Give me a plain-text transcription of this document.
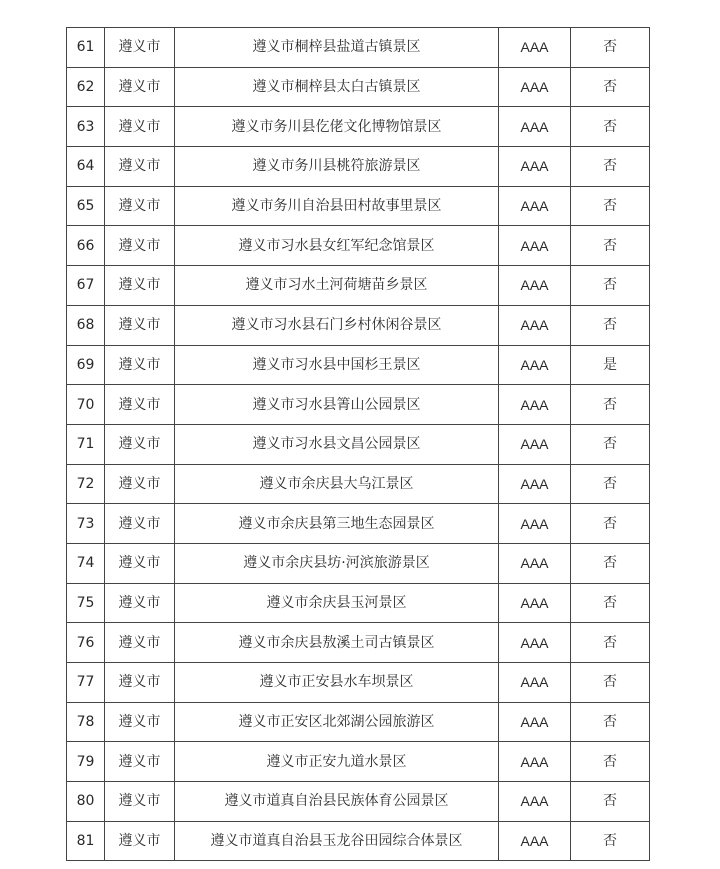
61	遵义市	遵义市桐梓县盐道古镇景区	AAA	否
62	遵义市	遵义市桐梓县太白古镇景区	AAA	否
63	遵义市	遵义市务川县仡佬文化博物馆景区	AAA	否
64	遵义市	遵义市务川县桃符旅游景区	AAA	否
65	遵义市	遵义市务川自治县田村故事里景区	AAA	否
66	遵义市	遵义市习水县女红军纪念馆景区	AAA	否
67	遵义市	遵义市习水土河荷塘苗乡景区	AAA	否
68	遵义市	遵义市习水县石门乡村休闲谷景区	AAA	否
69	遵义市	遵义市习水县中国杉王景区	AAA	是
70	遵义市	遵义市习水县箐山公园景区	AAA	否
71	遵义市	遵义市习水县文昌公园景区	AAA	否
72	遵义市	遵义市余庆县大乌江景区	AAA	否
73	遵义市	遵义市余庆县第三地生态园景区	AAA	否
74	遵义市	遵义市余庆县坊·河滨旅游景区	AAA	否
75	遵义市	遵义市余庆县玉河景区	AAA	否
76	遵义市	遵义市余庆县敖溪土司古镇景区	AAA	否
77	遵义市	遵义市正安县水车坝景区	AAA	否
78	遵义市	遵义市正安区北郊湖公园旅游区	AAA	否
79	遵义市	遵义市正安九道水景区	AAA	否
80	遵义市	遵义市道真自治县民族体育公园景区	AAA	否
81	遵义市	遵义市道真自治县玉龙谷田园综合体景区	AAA	否
